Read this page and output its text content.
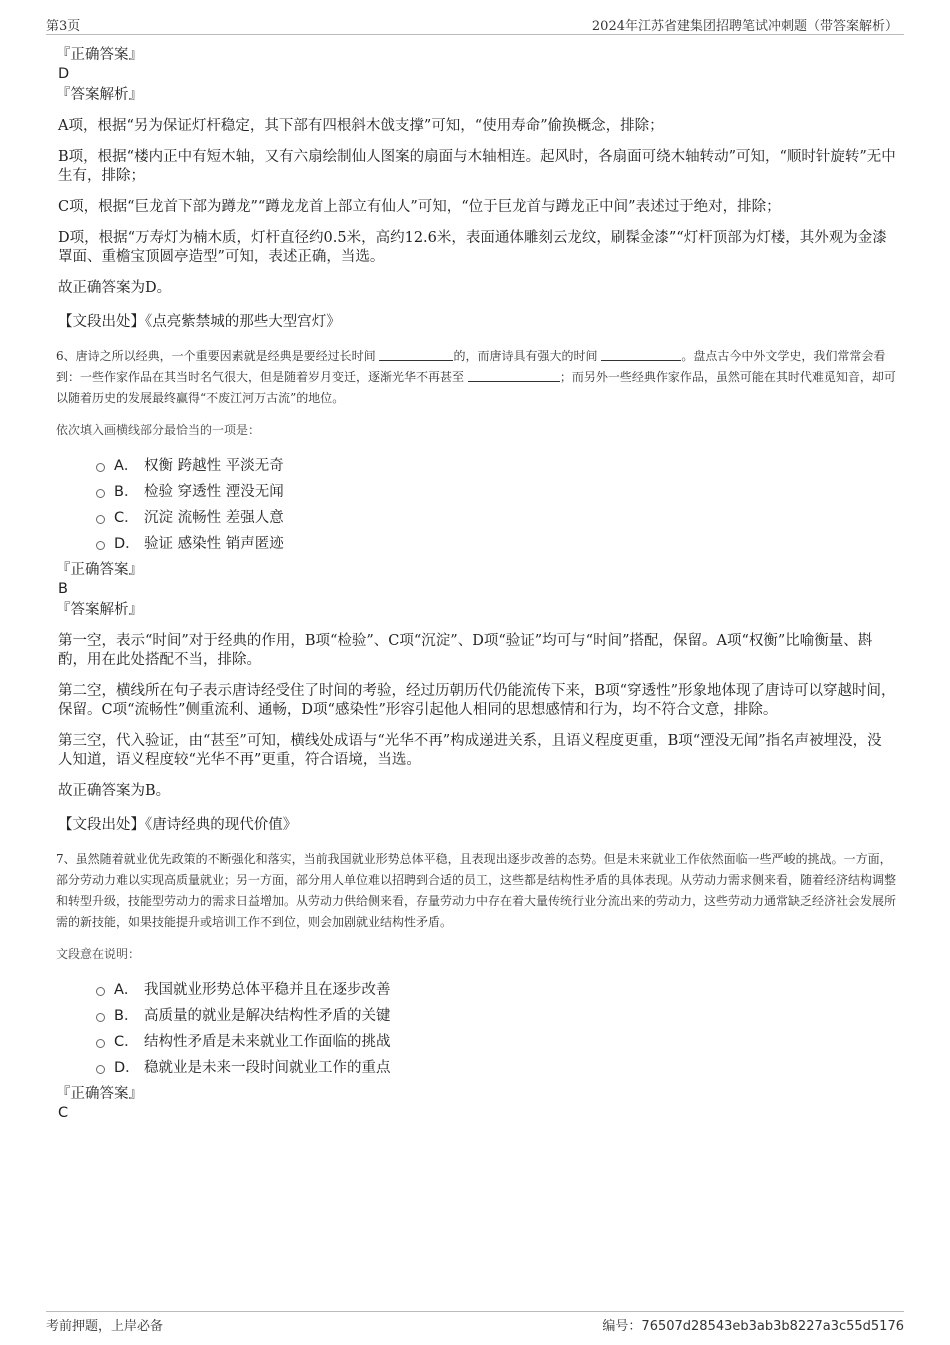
第3页	2024年江苏省建集团招聘笔试冲刺题（带答案解析）

『正确答案』

D

『答案解析』

A项，根据“另为保证灯杆稳定，其下部有四根斜木戗支撑”可知，“使用寿命”偷换概念，排除；

B项，根据“楼内正中有短木轴，又有六扇绘制仙人图案的扇面与木轴相连。起风时，各扇面可绕木轴转动”可知，“顺时针旋转”无中生有，排除；

C项，根据“巨龙首下部为蹲龙”“蹲龙龙首上部立有仙人”可知，“位于巨龙首与蹲龙正中间”表述过于绝对，排除；

D项，根据“万寿灯为楠木质，灯杆直径约0.5米，高约12.6米，表面通体雕刻云龙纹，刷髹金漆”“灯杆顶部为灯楼，其外观为金漆罩面、重檐宝顶圆亭造型”可知，表述正确，当选。

故正确答案为D。

【文段出处】《点亮紫禁城的那些大型宫灯》

6、唐诗之所以经典，一个重要因素就是经典是要经过长时间	的，而唐诗具有强大的时间	。盘点古今中外文学史，我们常常会看到：一些作家作品在其当时名气很大，但是随着岁月变迁，逐渐光华不再甚至	；而另外一些经典作家作品，虽然可能在其时代难觅知音，却可以随着历史的发展最终赢得“不废江河万古流”的地位。

依次填入画横线部分最恰当的一项是：

A． 权衡 跨越性 平淡无奇
B． 检验 穿透性 湮没无闻
C． 沉淀 流畅性 差强人意
D． 验证 感染性 销声匿迹

『正确答案』

B

『答案解析』

第一空，表示“时间”对于经典的作用，B项“检验”、C项“沉淀”、D项“验证”均可与“时间”搭配，保留。A项“权衡”比喻衡量、斟酌，用在此处搭配不当，排除。

第二空，横线所在句子表示唐诗经受住了时间的考验，经过历朝历代仍能流传下来，B项“穿透性”形象地体现了唐诗可以穿越时间，保留。C项“流畅性”侧重流利、通畅，D项“感染性”形容引起他人相同的思想感情和行为，均不符合文意，排除。

第三空，代入验证，由“甚至”可知，横线处成语与“光华不再”构成递进关系，且语义程度更重，B项“湮没无闻”指名声被埋没，没人知道，语义程度较“光华不再”更重，符合语境，当选。

故正确答案为B。

【文段出处】《唐诗经典的现代价值》

7、虽然随着就业优先政策的不断强化和落实，当前我国就业形势总体平稳，且表现出逐步改善的态势。但是未来就业工作依然面临一些严峻的挑战。一方面，部分劳动力难以实现高质量就业；另一方面，部分用人单位难以招聘到合适的员工，这些都是结构性矛盾的具体表现。从劳动力需求侧来看，随着经济结构调整和转型升级，技能型劳动力的需求日益增加。从劳动力供给侧来看，存量劳动力中存在着大量传统行业分流出来的劳动力，这些劳动力通常缺乏经济社会发展所需的新技能，如果技能提升或培训工作不到位，则会加剧就业结构性矛盾。

文段意在说明：

A． 我国就业形势总体平稳并且在逐步改善
B． 高质量的就业是解决结构性矛盾的关键
C． 结构性矛盾是未来就业工作面临的挑战
D． 稳就业是未来一段时间就业工作的重点

『正确答案』

C

考前押题，上岸必备	编号：76507d28543eb3ab3b8227a3c55d5176
